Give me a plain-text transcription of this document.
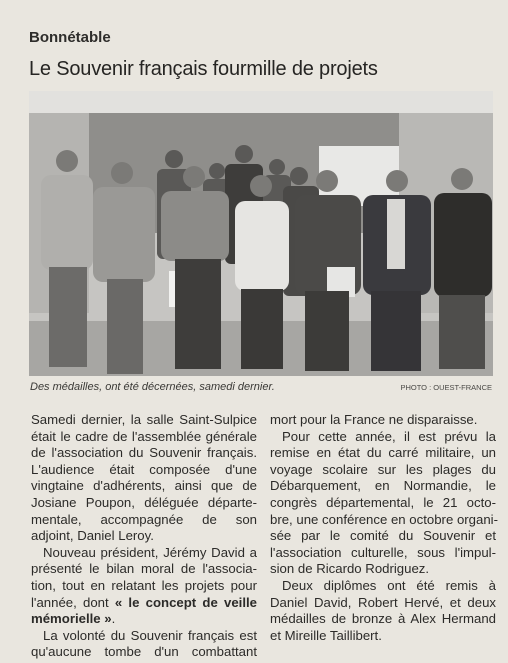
Bonnétable
Le Souvenir français fourmille de projets
Des médailles, ont été décernées, samedi dernier.	PHOTO : OUEST-FRANCE

Samedi dernier, la salle Saint-Sulpice
était le cadre de l'assemblée générale
de l'association du Souvenir français.
L'audience était composée d'une
vingtaine d'adhérents, ainsi que de
Josiane Poupon, déléguée départe-
mentale, accompagnée de son
adjoint, Daniel Leroy.

Nouveau président, Jérémy David a
présenté le bilan moral de l'associa-
tion, tout en relatant les projets pour
l'année, dont « le concept de veille
mémorielle ».

La volonté du Souvenir français est
qu'aucune tombe d'un combattant

mort pour la France ne disparaisse.

Pour cette année, il est prévu la
remise en état du carré militaire, un
voyage scolaire sur les plages du
Débarquement, en Normandie, le
congrès départemental, le 21 octo-
bre, une conférence en octobre organi-
sée par le comité du Souvenir et
l'association culturelle, sous l'impul-
sion de Ricardo Rodriguez.

Deux diplômes ont été remis à
Daniel David, Robert Hervé, et deux
médailles de bronze à Alex Hermand
et Mireille Taillibert.
